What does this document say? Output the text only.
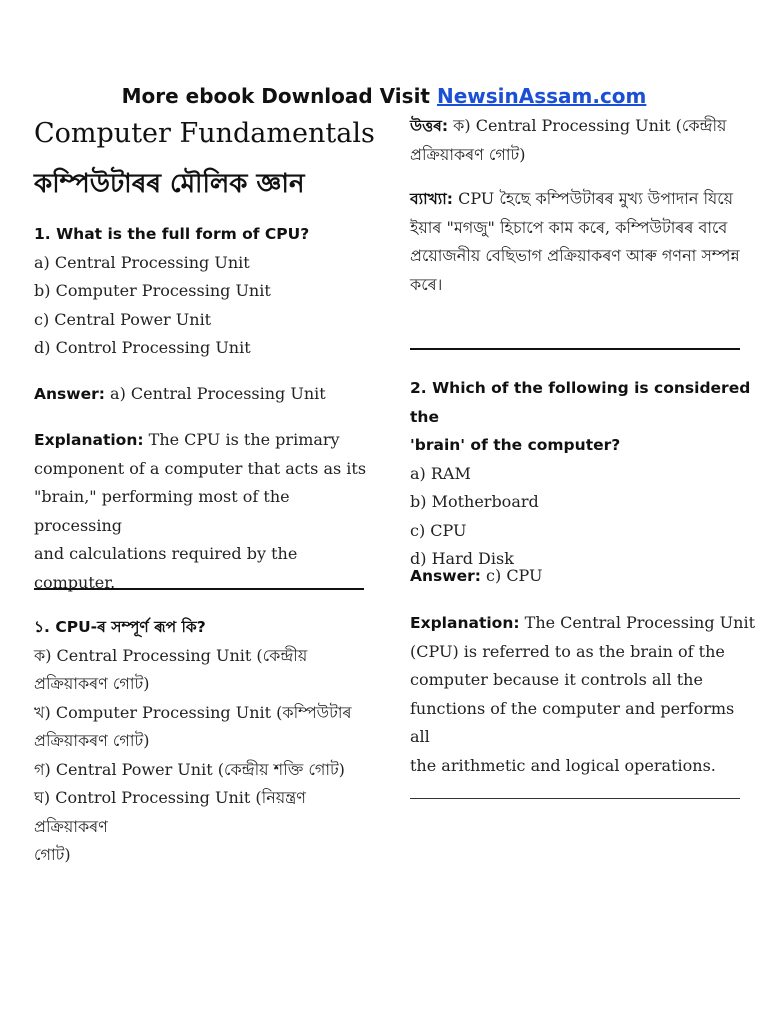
More ebook Download Visit NewsinAssam.com
Computer Fundamentals
কম্পিউটাৰৰ মৌলিক জ্ঞান
1. What is the full form of CPU?
a) Central Processing Unit
b) Computer Processing Unit
c) Central Power Unit
d) Control Processing Unit
Answer: a) Central Processing Unit
Explanation: The CPU is the primary
component of a computer that acts as its
"brain," performing most of the processing
and calculations required by the computer.
১. CPU-ৰ সম্পূৰ্ণ ৰূপ কি?
ক) Central Processing Unit (কেন্দ্ৰীয়
প্ৰক্ৰিয়াকৰণ গোট)
খ) Computer Processing Unit (কম্পিউটাৰ
প্ৰক্ৰিয়াকৰণ গোট)
গ) Central Power Unit (কেন্দ্ৰীয় শক্তি গোট)
ঘ) Control Processing Unit (নিয়ন্ত্ৰণ প্ৰক্ৰিয়াকৰণ
গোট)
উত্তৰ: ক) Central Processing Unit (কেন্দ্ৰীয়
প্ৰক্ৰিয়াকৰণ গোট)
ব্যাখ্যা: CPU হৈছে কম্পিউটাৰৰ মুখ্য উপাদান যিয়ে
ইয়াৰ "মগজু" হিচাপে কাম কৰে, কম্পিউটাৰৰ বাবে
প্ৰয়োজনীয় বেছিভাগ প্ৰক্ৰিয়াকৰণ আৰু গণনা সম্পন্ন
কৰে।
2. Which of the following is considered the
'brain' of the computer?
a) RAM
b) Motherboard
c) CPU
d) Hard Disk
Answer: c) CPU
Explanation: The Central Processing Unit
(CPU) is referred to as the brain of the
computer because it controls all the
functions of the computer and performs all
the arithmetic and logical operations.
